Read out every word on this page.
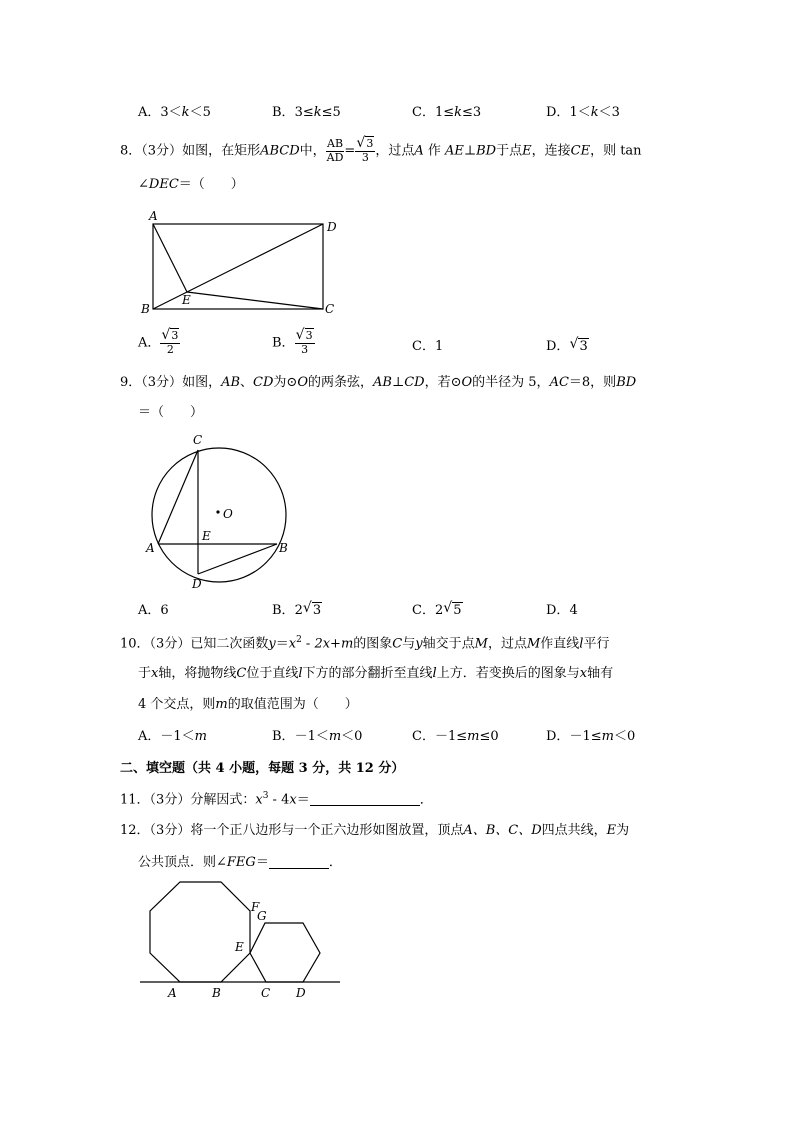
A．3＜k＜5	B．3≤k≤5	C．1≤k≤3	D．1＜k＜3
8．（3分）如图，在矩形ABCD中， $\frac{AB}{AD} = \frac{√ 3}{3}$ ，过点A 作 AE⊥BD于点E，连接CE，则 tan
∠DEC＝（　　）
A
D
B
E
C
A． $\frac{√ 3}{2}$	B． $\frac{√ 3}{3}$	C．1	D． √ 3
9．（3分）如图，AB、CD为⊙O的两条弦，AB⊥CD，若⊙O的半径为 5，AC＝8，则BD
＝（　　）
C
O
A
E
B
D
A．6	B．2 √ 3	C．2 √ 5	D．4
10．（3分）已知二次函数$y=x^2 - 2x+m$的图象C与y轴交于点M，过点M作直线l平行
于x轴，将抛物线C位于直线l下方的部分翻折至直线l上方．若变换后的图象与x轴有
4 个交点，则m的取值范围为（　　）
A．－1＜m	B．－1＜m＜0	C．－1≤m≤0	D．－1≤m＜0
二、填空题（共 4 小题，每题 3 分，共 12 分）
11．（3分）分解因式：$x^3 - 4x=$	．
12．（3分）将一个正八边形与一个正六边形如图放置，顶点A、B、C、D四点共线，E为
公共顶点．则∠FEG＝	．
A	B	C D
E
F
G
